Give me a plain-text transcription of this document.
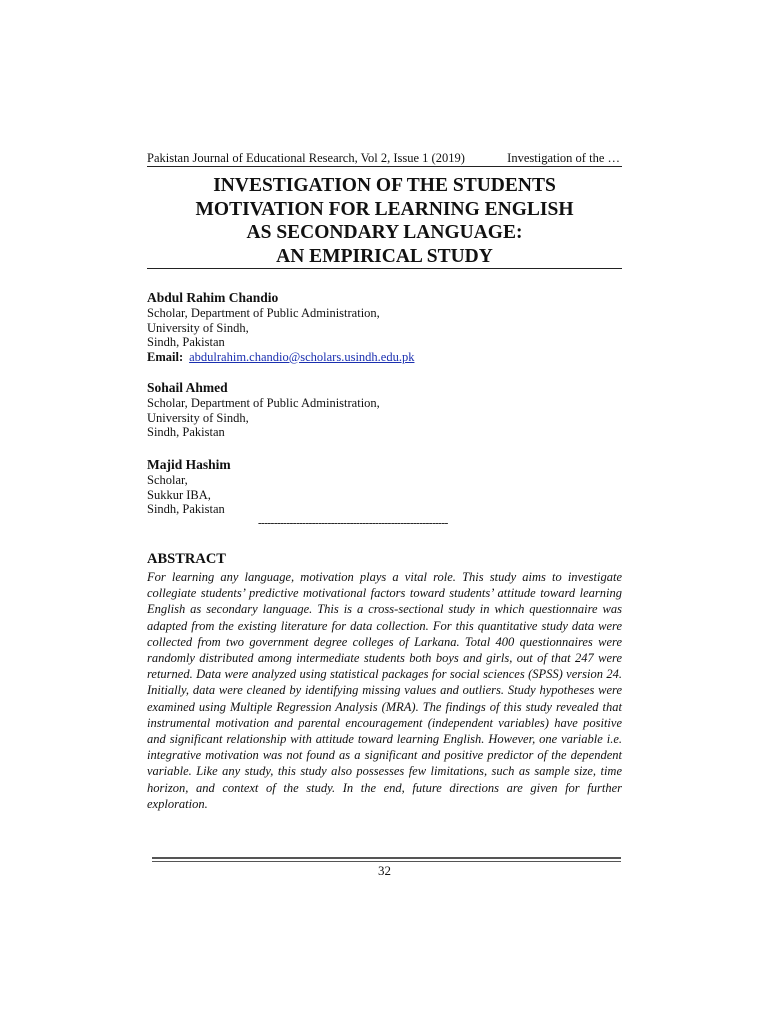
Pakistan Journal of Educational Research, Vol 2, Issue 1 (2019)	Investigation of the …
INVESTIGATION OF THE STUDENTS
MOTIVATION FOR LEARNING ENGLISH
AS SECONDARY LANGUAGE:
AN EMPIRICAL STUDY
Abdul Rahim Chandio
Scholar, Department of Public Administration,
University of Sindh,
Sindh, Pakistan
Email: abdulrahim.chandio@scholars.usindh.edu.pk
Sohail Ahmed
Scholar, Department of Public Administration,
University of Sindh,
Sindh, Pakistan
Majid Hashim
Scholar,
Sukkur IBA,
Sindh, Pakistan
------------------------------------------------------------
ABSTRACT
For learning any language, motivation plays a vital role. This study aims to investigate collegiate students’ predictive motivational factors toward students’ attitude toward learning English as secondary language. This is a cross-sectional study in which questionnaire was adapted from the existing literature for data collection. For this quantitative study data were collected from two government degree colleges of Larkana. Total 400 questionnaires were randomly distributed among intermediate students both boys and girls, out of that 247 were returned. Data were analyzed using statistical packages for social sciences (SPSS) version 24. Initially, data were cleaned by identifying missing values and outliers. Study hypotheses were examined using Multiple Regression Analysis (MRA). The findings of this study revealed that instrumental motivation and parental encouragement (independent variables) have positive and significant relationship with attitude toward learning English. However, one variable i.e. integrative motivation was not found as a significant and positive predictor of the dependent variable. Like any study, this study also possesses few limitations, such as sample size, time horizon, and context of the study. In the end, future directions are given for further exploration.
32
